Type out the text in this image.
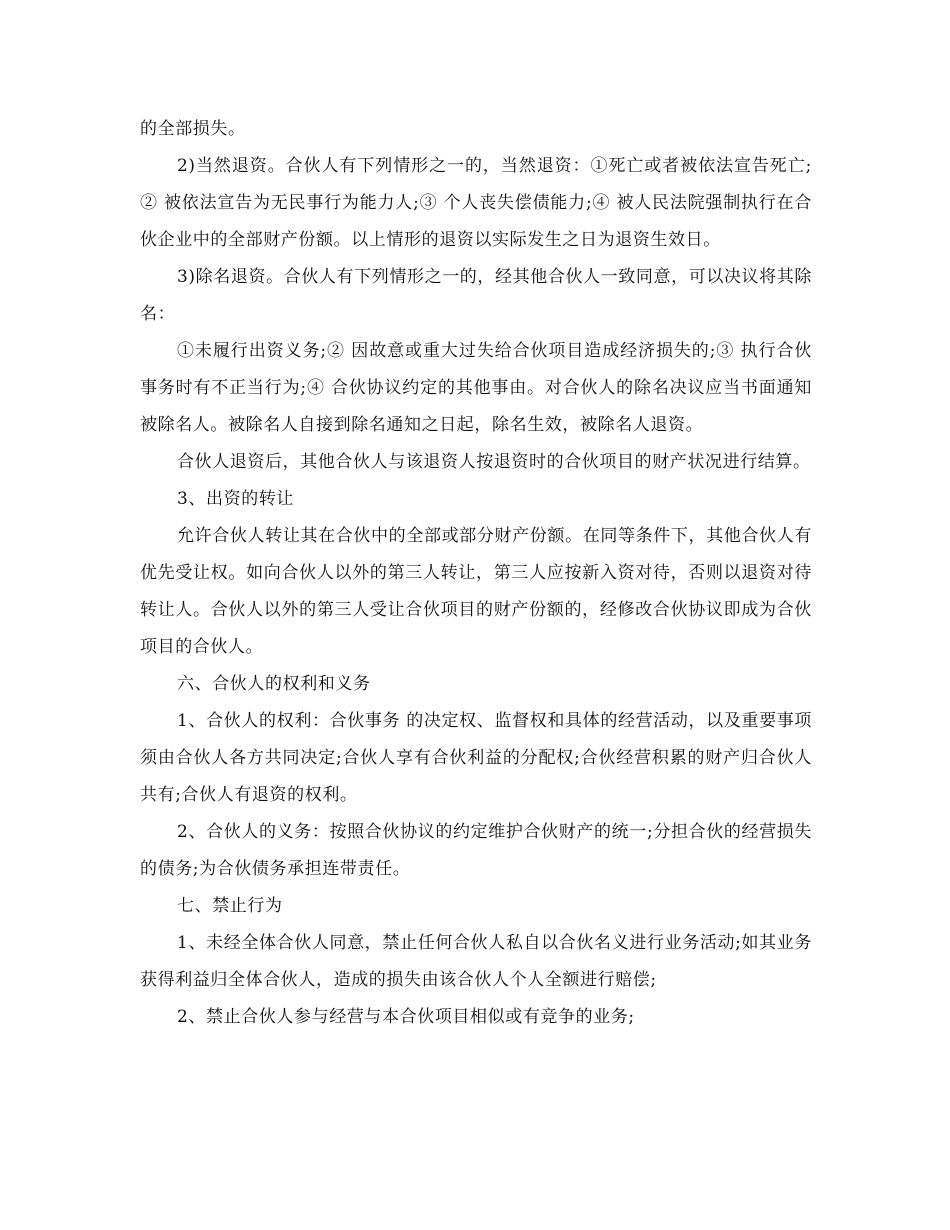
的全部损失。

2)当然退资。合伙人有下列情形之一的，当然退资：①死亡或者被依法宣告死亡;② 被依法宣告为无民事行为能力人;③ 个人丧失偿债能力;④ 被人民法院强制执行在合伙企业中的全部财产份额。以上情形的退资以实际发生之日为退资生效日。

3)除名退资。合伙人有下列情形之一的，经其他合伙人一致同意，可以决议将其除名：

①未履行出资义务;② 因故意或重大过失给合伙项目造成经济损失的;③ 执行合伙事务时有不正当行为;④ 合伙协议约定的其他事由。对合伙人的除名决议应当书面通知被除名人。被除名人自接到除名通知之日起，除名生效，被除名人退资。

合伙人退资后，其他合伙人与该退资人按退资时的合伙项目的财产状况进行结算。

3、出资的转让

允许合伙人转让其在合伙中的全部或部分财产份额。在同等条件下，其他合伙人有优先受让权。如向合伙人以外的第三人转让，第三人应按新入资对待，否则以退资对待转让人。合伙人以外的第三人受让合伙项目的财产份额的，经修改合伙协议即成为合伙项目的合伙人。

六、合伙人的权利和义务

1、合伙人的权利：合伙事务 的决定权、监督权和具体的经营活动，以及重要事项须由合伙人各方共同决定;合伙人享有合伙利益的分配权;合伙经营积累的财产归合伙人共有;合伙人有退资的权利。

2、合伙人的义务：按照合伙协议的约定维护合伙财产的统一;分担合伙的经营损失的债务;为合伙债务承担连带责任。

七、禁止行为

1、未经全体合伙人同意，禁止任何合伙人私自以合伙名义进行业务活动;如其业务获得利益归全体合伙人，造成的损失由该合伙人个人全额进行赔偿;

2、禁止合伙人参与经营与本合伙项目相似或有竞争的业务;
